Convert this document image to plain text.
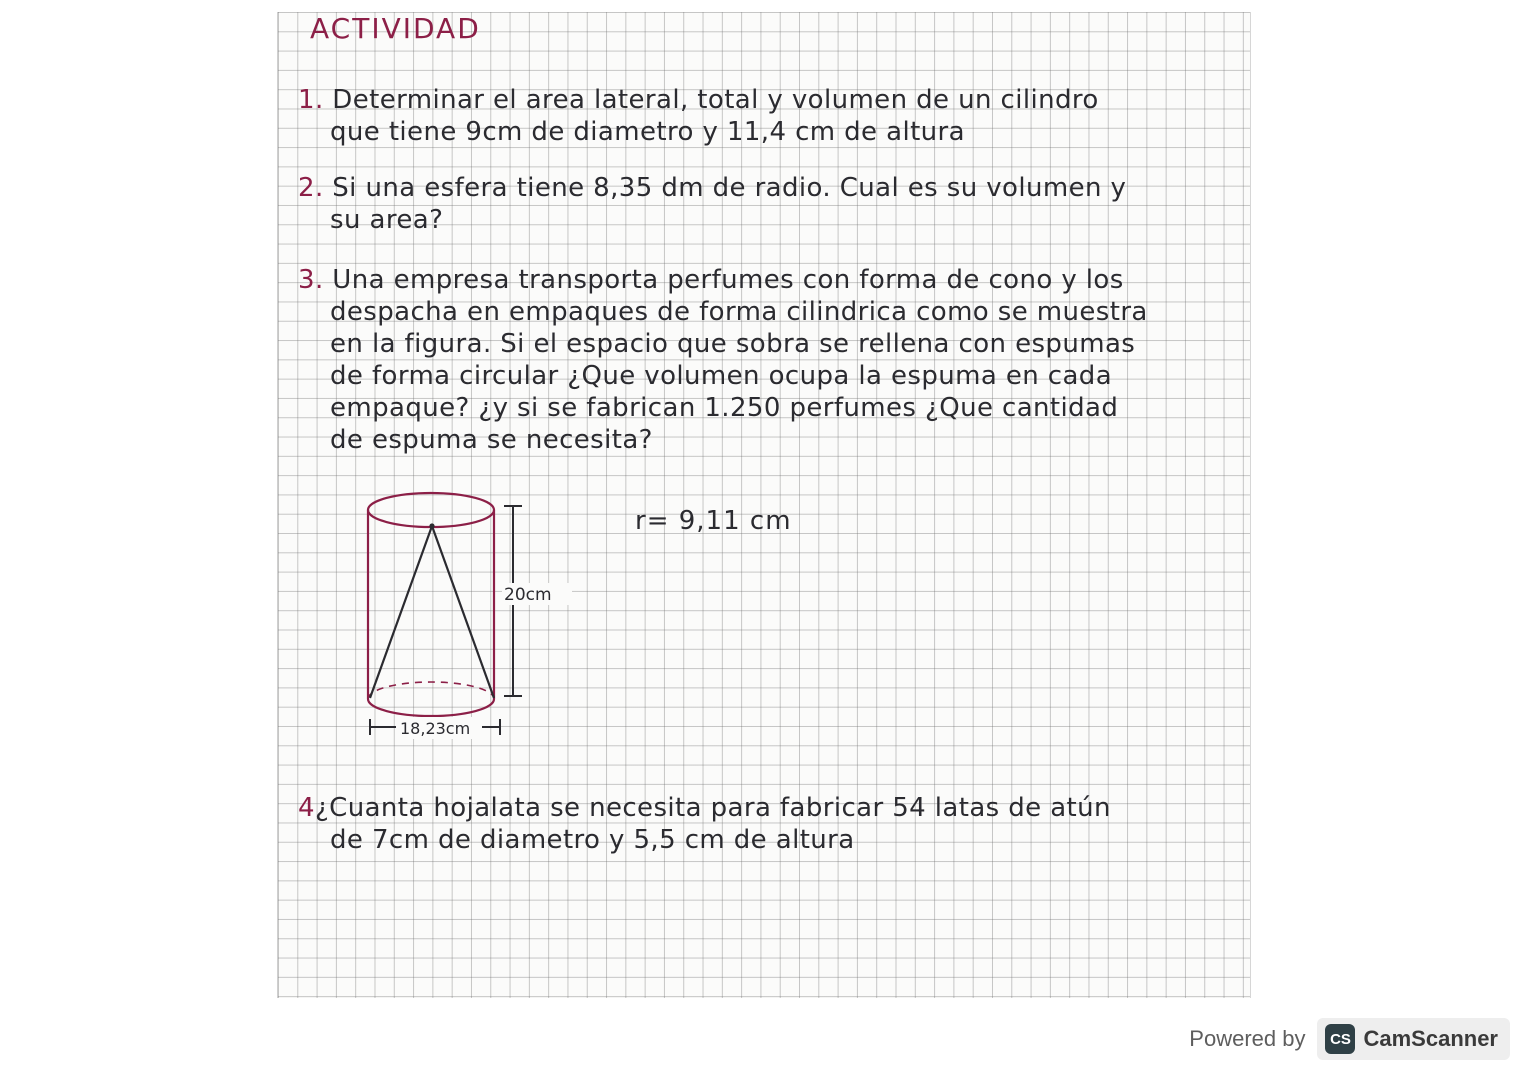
ACTIVIDAD
1. Determinar el area lateral, total y volumen de un cilindro
que tiene 9cm de diametro y 11,4 cm de altura
2. Si una esfera tiene 8,35 dm de radio. Cual es su volumen y
su area?
3. Una empresa transporta perfumes con forma de cono y los
despacha en empaques de forma cilindrica como se muestra
en la figura. Si el espacio que sobra se rellena con espumas
de forma circular ¿Que volumen ocupa la espuma en cada
empaque? ¿y si se fabrican 1.250 perfumes ¿Que cantidad
de espuma se necesita?
20cm
18,23cm
r= 9,11 cm
4¿Cuanta hojalata se necesita para fabricar 54 latas de atún
de 7cm de diametro y 5,5 cm de altura
Powered by	CS CamScanner
